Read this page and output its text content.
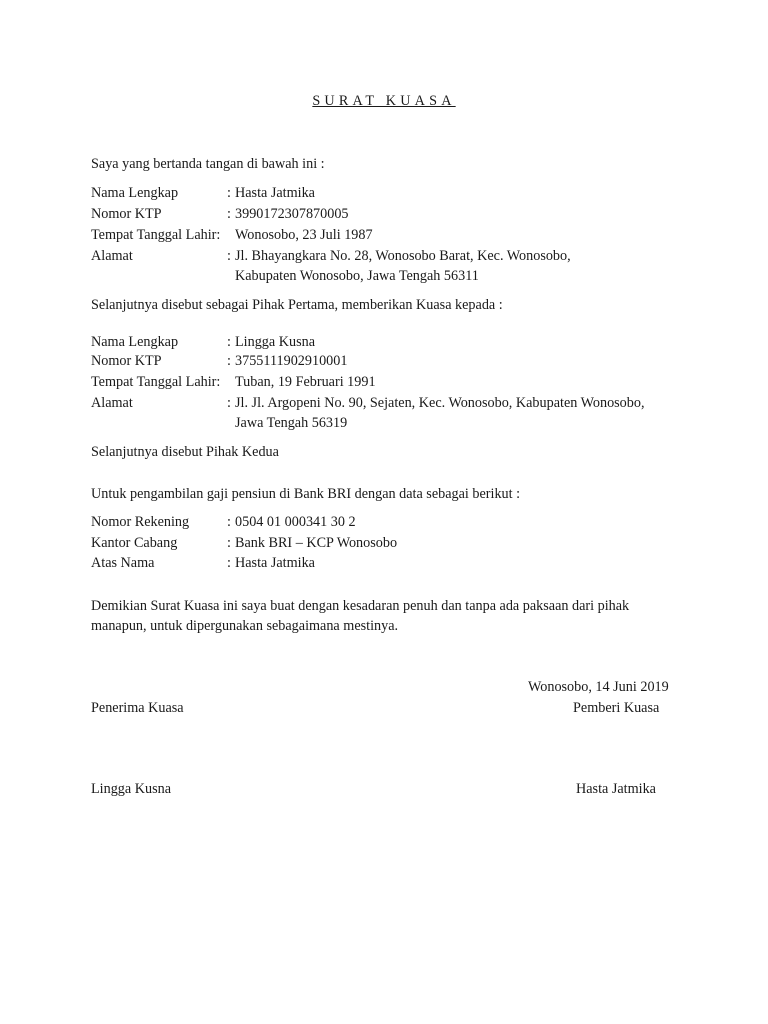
SURAT KUASA
Saya yang bertanda tangan di bawah ini :
Nama Lengkap	: Hasta Jatmika
Nomor KTP	: 3990172307870005
Tempat Tanggal Lahir: Wonosobo, 23 Juli 1987
Alamat	: Jl. Bhayangkara No. 28, Wonosobo Barat, Kec. Wonosobo,
Kabupaten Wonosobo, Jawa Tengah 56311
Selanjutnya disebut sebagai Pihak Pertama, memberikan Kuasa kepada :
Nama Lengkap	: Lingga Kusna
Nomor KTP	: 3755111902910001
Tempat Tanggal Lahir: Tuban, 19 Februari 1991
Alamat	: Jl. Jl. Argopeni No. 90, Sejaten, Kec. Wonosobo, Kabupaten Wonosobo,
Jawa Tengah 56319
Selanjutnya disebut Pihak Kedua
Untuk pengambilan gaji pensiun di Bank BRI dengan data sebagai berikut :
Nomor Rekening	: 0504 01 000341 30 2
Kantor Cabang	: Bank BRI – KCP Wonosobo
Atas Nama	: Hasta Jatmika
Demikian Surat Kuasa ini saya buat dengan kesadaran penuh dan tanpa ada paksaan dari pihak
manapun, untuk dipergunakan sebagaimana mestinya.
Wonosobo, 14 Juni 2019
Penerima Kuasa	Pemberi Kuasa
Lingga Kusna	Hasta Jatmika
